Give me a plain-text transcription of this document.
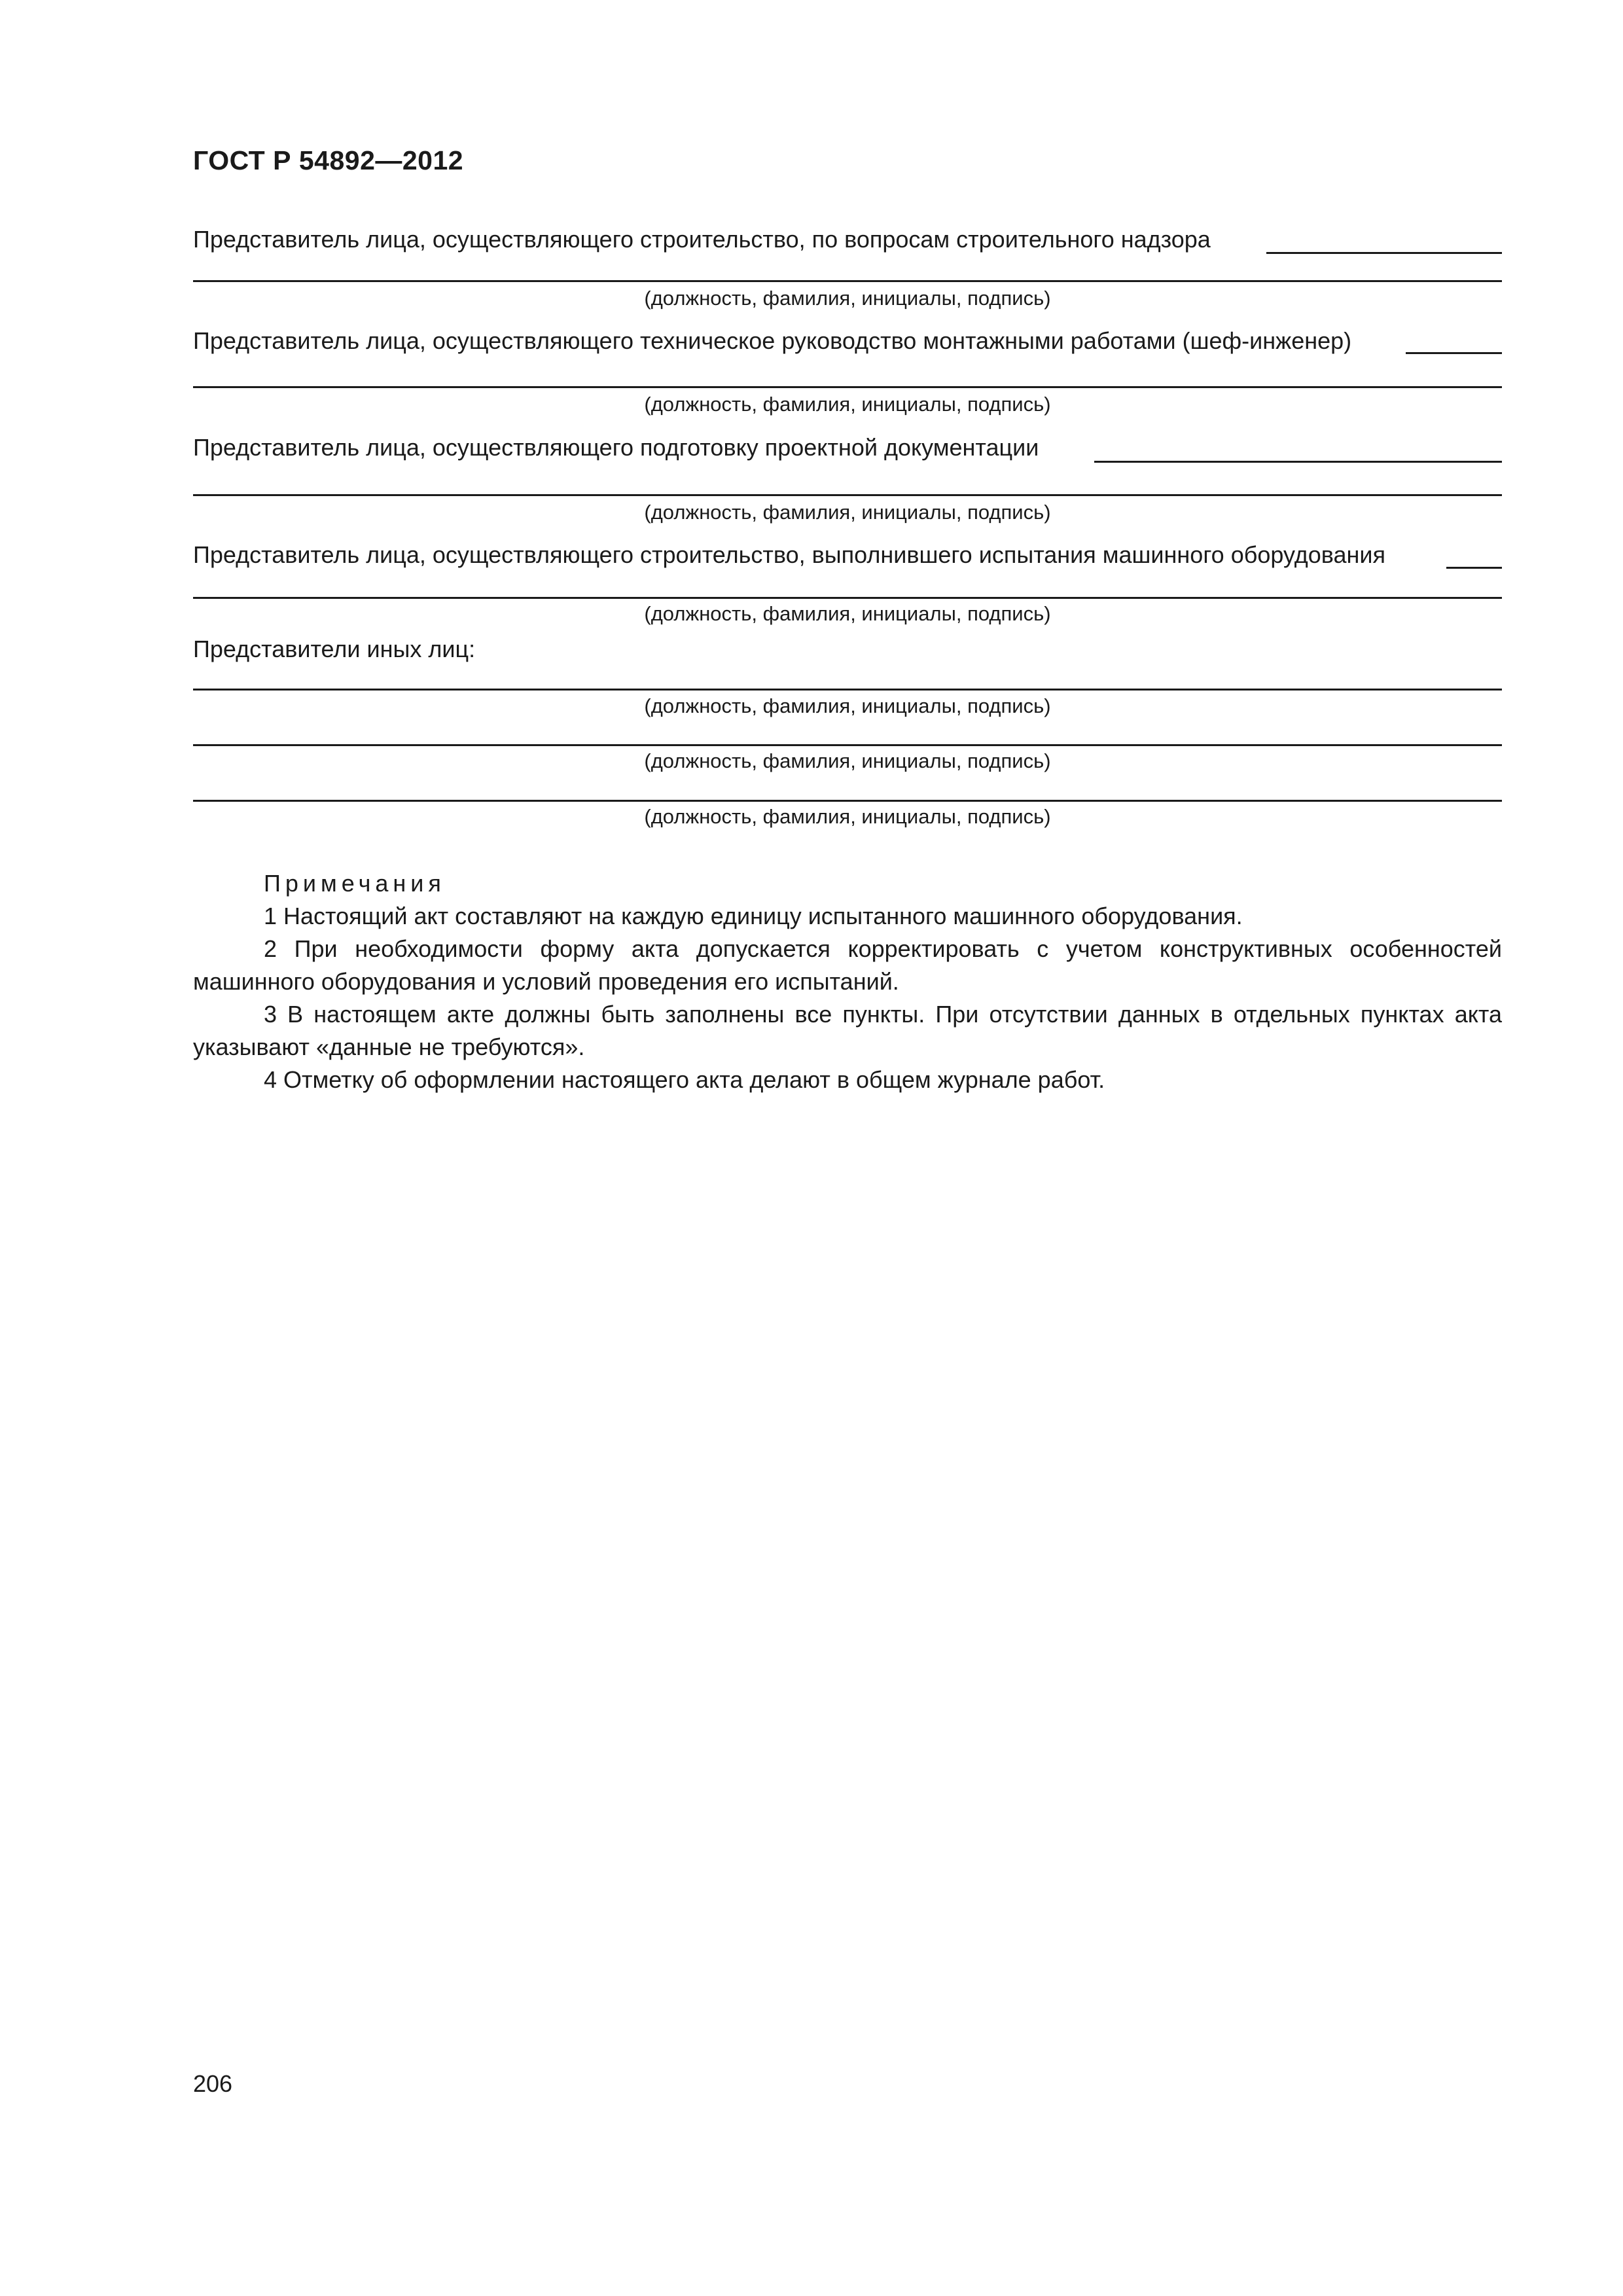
ГОСТ Р 54892—2012
Представитель лица, осуществляющего строительство, по вопросам строительного надзора
(должность, фамилия, инициалы, подпись)
Представитель лица, осуществляющего техническое руководство монтажными работами (шеф-инженер)
(должность, фамилия, инициалы, подпись)
Представитель лица, осуществляющего подготовку проектной документации
(должность, фамилия, инициалы, подпись)
Представитель лица, осуществляющего строительство, выполнившего испытания машинного оборудования
(должность, фамилия, инициалы, подпись)
Представители иных лиц:
(должность, фамилия, инициалы, подпись)
(должность, фамилия, инициалы, подпись)
(должность, фамилия, инициалы, подпись)
Примечания
1 Настоящий акт составляют на каждую единицу испытанного машинного оборудования.
2 При необходимости форму акта допускается корректировать с учетом конструктивных особенностей машинного оборудования и условий проведения его испытаний.
3 В настоящем акте должны быть заполнены все пункты. При отсутствии данных в отдельных пунктах акта указывают «данные не требуются».
4 Отметку об оформлении настоящего акта делают в общем журнале работ.
206
